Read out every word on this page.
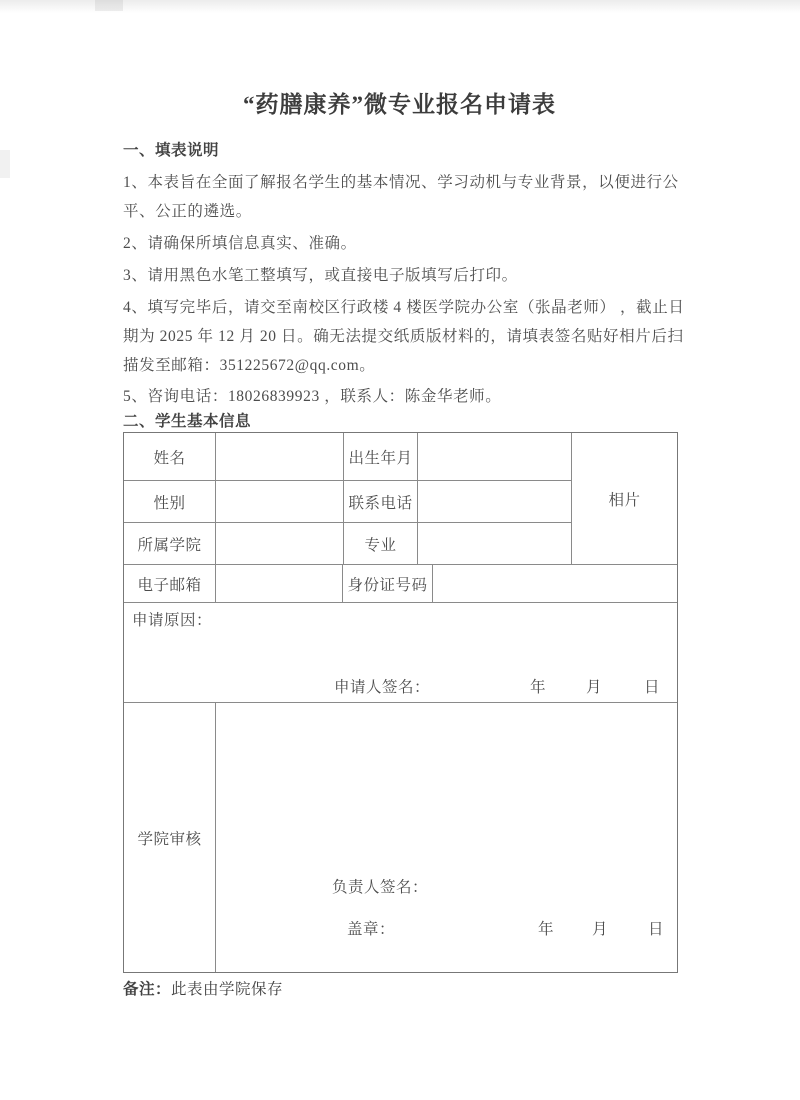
“药膳康养”微专业报名申请表
一、填表说明
1、本表旨在全面了解报名学生的基本情况、学习动机与专业背景，以便进行公
平、公正的遴选。
2、请确保所填信息真实、准确。
3、请用黑色水笔工整填写，或直接电子版填写后打印。
4、填写完毕后，请交至南校区行政楼 4 楼医学院办公室（张晶老师） ，截止日
期为 2025 年 12 月 20 日。确无法提交纸质版材料的，请填表签名贴好相片后扫
描发至邮箱：351225672@qq.com。
5、咨询电话：18026839923 ，联系人：陈金华老师。
二、学生基本信息
姓名	出生年月
相片
性别	联系电话
所属学院	专业
电子邮箱	身份证号码
申请原因：
申请人签名：	年	月	日
学院审核
负责人签名：
盖章：	年 月	日
备注：此表由学院保存
